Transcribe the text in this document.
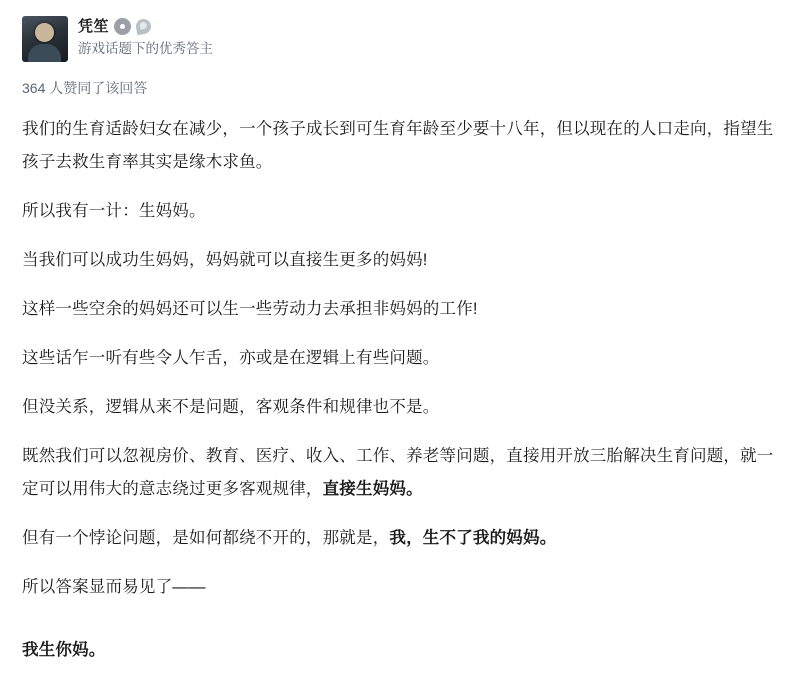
凭笙
游戏话题下的优秀答主
364 人赞同了该回答

我们的生育适龄妇女在减少，一个孩子成长到可生育年龄至少要十八年，但以现在的人口走向，指望生孩子去救生育率其实是缘木求鱼。

所以我有一计：生妈妈。

当我们可以成功生妈妈，妈妈就可以直接生更多的妈妈!

这样一些空余的妈妈还可以生一些劳动力去承担非妈妈的工作!

这些话乍一听有些令人乍舌，亦或是在逻辑上有些问题。

但没关系，逻辑从来不是问题，客观条件和规律也不是。

既然我们可以忽视房价、教育、医疗、收入、工作、养老等问题，直接用开放三胎解决生育问题，就一定可以用伟大的意志绕过更多客观规律，直接生妈妈。

但有一个悖论问题，是如何都绕不开的，那就是，我，生不了我的妈妈。

所以答案显而易见了——

我生你妈。
